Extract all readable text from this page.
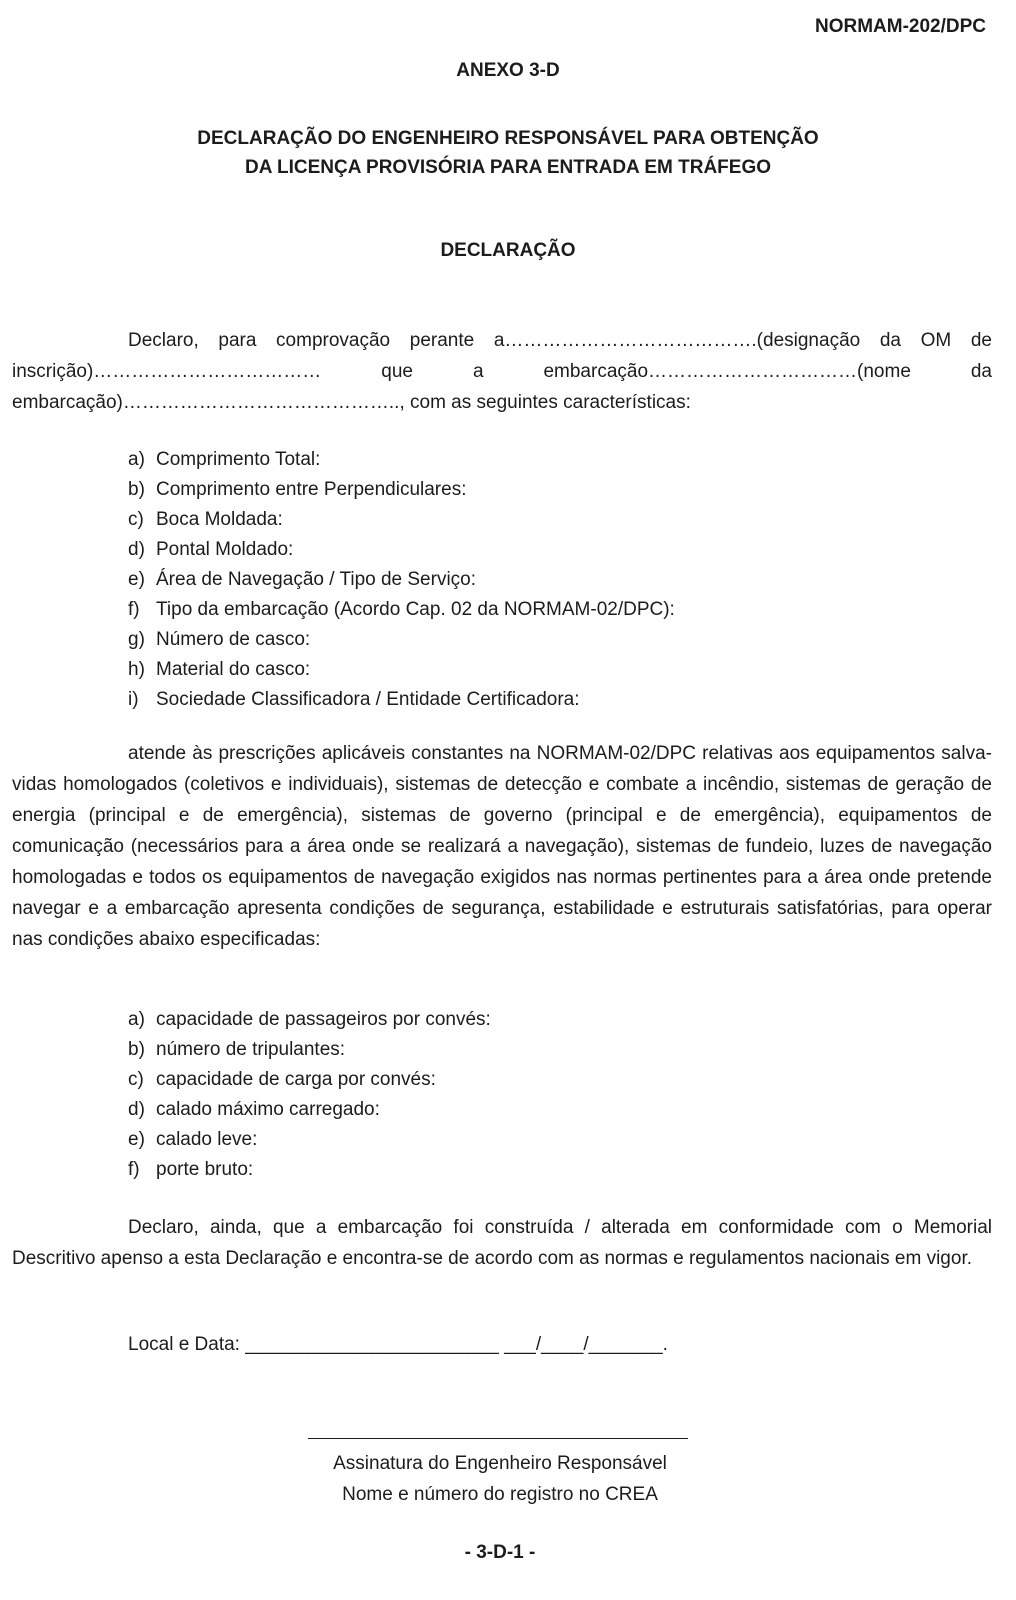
NORMAM-202/DPC
ANEXO 3-D
DECLARAÇÃO DO ENGENHEIRO RESPONSÁVEL PARA OBTENÇÃO
DA LICENÇA PROVISÓRIA PARA ENTRADA EM TRÁFEGO
DECLARAÇÃO
Declaro, para comprovação perante a………………………………….(designação da OM de inscrição)……………………………… que a embarcação……………………………(nome da embarcação)…………………………………….., com as seguintes características:
a) Comprimento Total:
b) Comprimento entre Perpendiculares:
c) Boca Moldada:
d) Pontal Moldado:
e) Área de Navegação / Tipo de Serviço:
f) Tipo da embarcação (Acordo Cap. 02 da NORMAM-02/DPC):
g) Número de casco:
h) Material do casco:
i) Sociedade Classificadora / Entidade Certificadora:
atende às prescrições aplicáveis constantes na NORMAM-02/DPC relativas aos equipamentos salva-vidas homologados (coletivos e individuais), sistemas de detecção e combate a incêndio, sistemas de geração de energia (principal e de emergência), sistemas de governo (principal e de emergência), equipamentos de comunicação (necessários para a área onde se realizará a navegação), sistemas de fundeio, luzes de navegação homologadas e todos os equipamentos de navegação exigidos nas normas pertinentes para a área onde pretende navegar e a embarcação apresenta condições de segurança, estabilidade e estruturais satisfatórias, para operar nas condições abaixo especificadas:
a) capacidade de passageiros por convés:
b) número de tripulantes:
c) capacidade de carga por convés:
d) calado máximo carregado:
e) calado leve:
f) porte bruto:
Declaro, ainda, que a embarcação foi construída / alterada em conformidade com o Memorial Descritivo apenso a esta Declaração e encontra-se de acordo com as normas e regulamentos nacionais em vigor.
Local e Data: ________________________ ___/____/_______.
Assinatura do Engenheiro Responsável
Nome e número do registro no CREA
- 3-D-1 -
